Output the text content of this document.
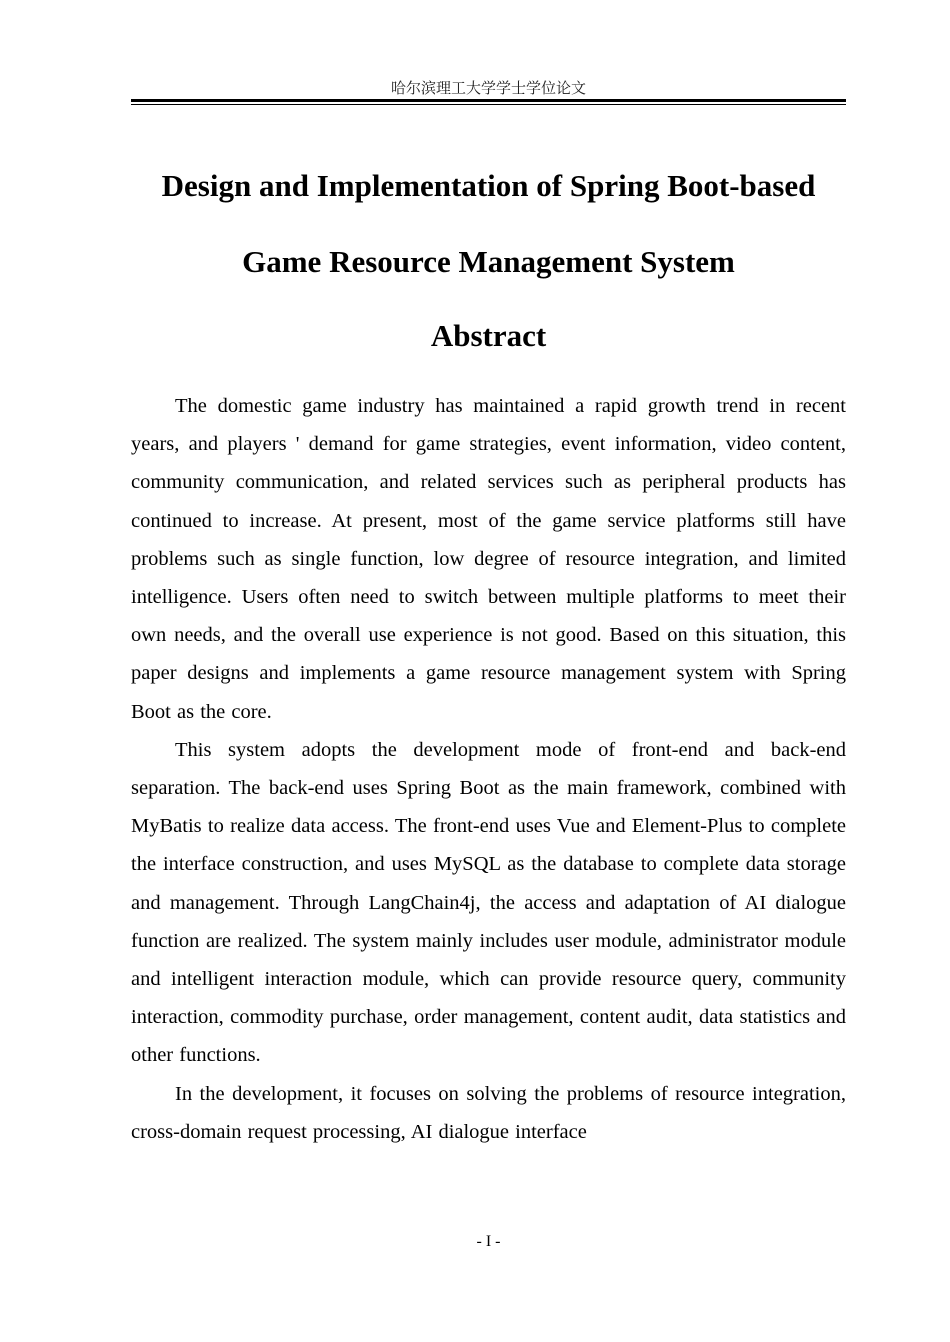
哈尔滨理工大学学士学位论文
Design and Implementation of Spring Boot-based Game Resource Management System
Abstract

The domestic game industry has maintained a rapid growth trend in recent years, and players ' demand for game strategies, event information, video content, community communication, and related services such as peripheral products has continued to increase. At present, most of the game service platforms still have problems such as single function, low degree of resource integration, and limited intelligence. Users often need to switch between multiple platforms to meet their own needs, and the overall use experience is not good. Based on this situation, this paper designs and implements a game resource management system with Spring Boot as the core.

This system adopts the development mode of front-end and back-end separation. The back-end uses Spring Boot as the main framework, combined with MyBatis to realize data access. The front-end uses Vue and Element-Plus to complete the interface construction, and uses MySQL as the database to complete data storage and management. Through LangChain4j, the access and adaptation of AI dialogue function are realized. The system mainly includes user module, administrator module and intelligent interaction module, which can provide resource query, community interaction, commodity purchase, order management, content audit, data statistics and other functions.

In the development, it focuses on solving the problems of resource integration, cross-domain request processing, AI dialogue interface

- I -
